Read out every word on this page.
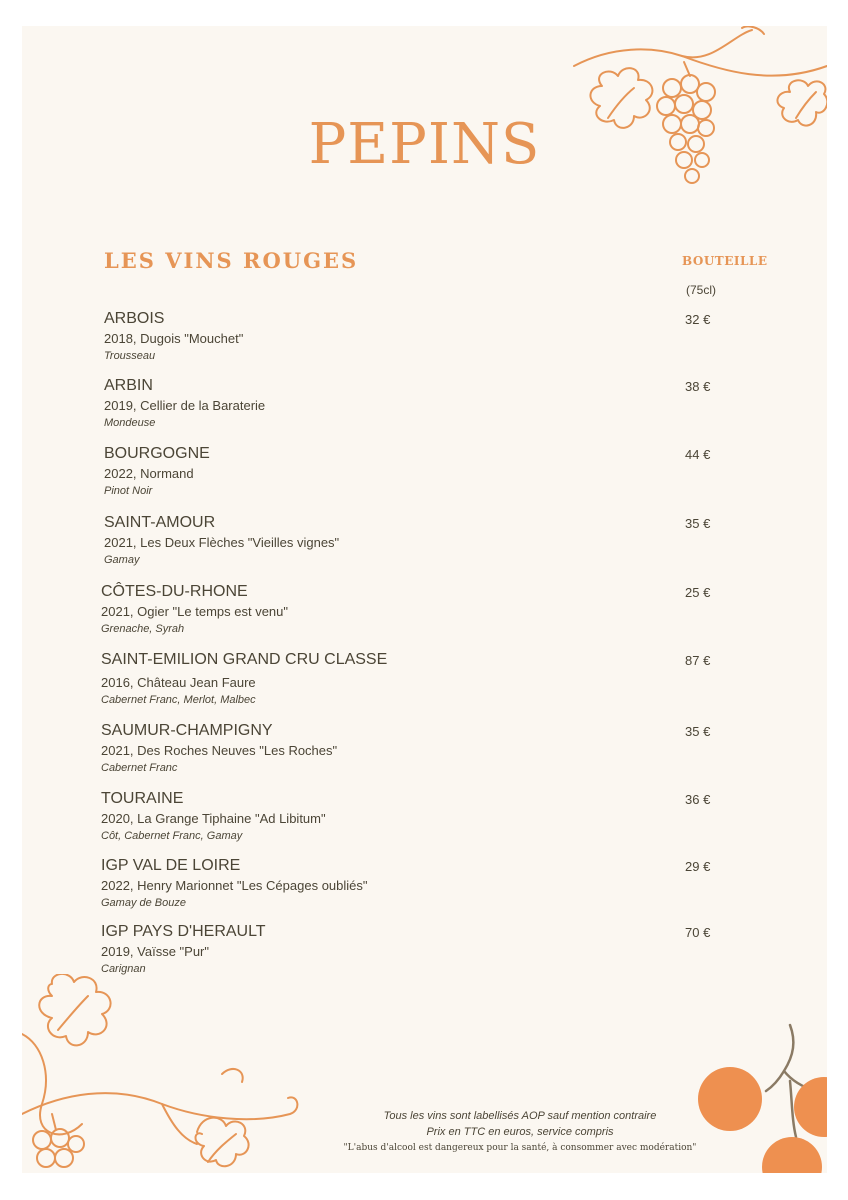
PEPINS
LES VINS ROUGES	BOUTEILLE
(75cl)
ARBOIS
2018, Dugois "Mouchet"
Trousseau
32 €
ARBIN
2019, Cellier de la Baraterie
Mondeuse
38 €
BOURGOGNE
2022, Normand
Pinot Noir
44 €
SAINT-AMOUR
2021, Les Deux Flèches "Vieilles vignes"
Gamay
35 €
CÔTES-DU-RHONE
2021, Ogier "Le temps est venu"
Grenache, Syrah
25 €
SAINT-EMILION GRAND CRU CLASSE
2016, Château Jean Faure
Cabernet Franc, Merlot, Malbec
87 €
SAUMUR-CHAMPIGNY
2021, Des Roches Neuves "Les Roches"
Cabernet Franc
35 €
TOURAINE
2020, La Grange Tiphaine "Ad Libitum"
Côt, Cabernet Franc, Gamay
36 €
IGP VAL DE LOIRE
2022, Henry Marionnet "Les Cépages oubliés"
Gamay de Bouze
29 €
IGP PAYS D'HERAULT
2019, Vaïsse "Pur"
Carignan
70 €
Tous les vins sont labellisés AOP sauf mention contraire
Prix en TTC en euros, service compris
"L'abus d'alcool est dangereux pour la santé, à consommer avec modération"
